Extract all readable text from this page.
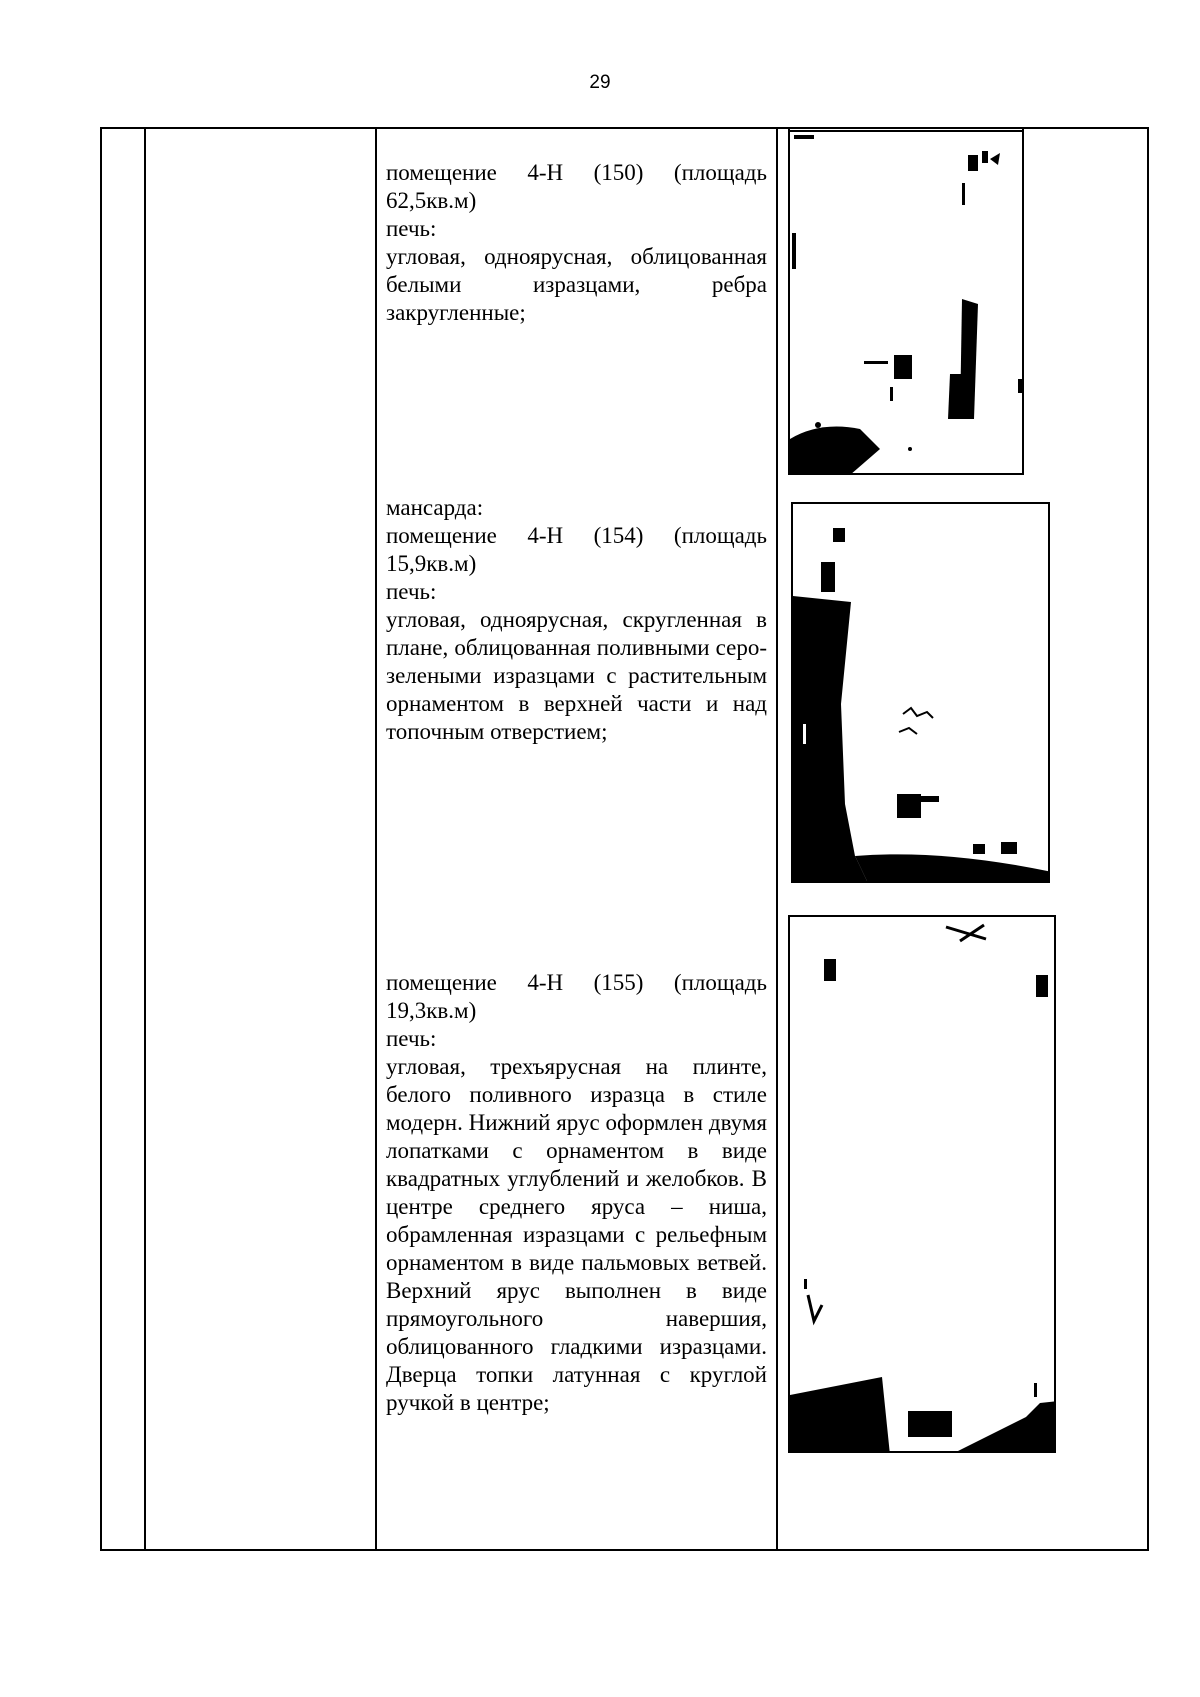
29
помещение 4-Н (150) (площадь 62,5кв.м)
печь:
угловая, одноярусная, облицованная белыми изразцами, ребра закругленные;
мансарда:
помещение 4-Н (154) (площадь 15,9кв.м)
печь:
угловая, одноярусная, скругленная в плане, облицованная поливными серо- зелеными изразцами с растительным орнаментом в верхней части и над топочным отверстием;
помещение 4-Н (155) (площадь 19,3кв.м)
печь:
угловая, трехъярусная на плинте, белого поливного изразца в стиле модерн. Нижний ярус оформлен двумя лопатками с орнаментом в виде квадратных углублений и желобков. В центре среднего яруса – ниша, обрамленная изразцами с рельефным орнаментом в виде пальмовых ветвей. Верхний ярус выполнен в виде прямоугольного навершия, облицованного гладкими изразцами. Дверца топки латунная с круглой ручкой в центре;
